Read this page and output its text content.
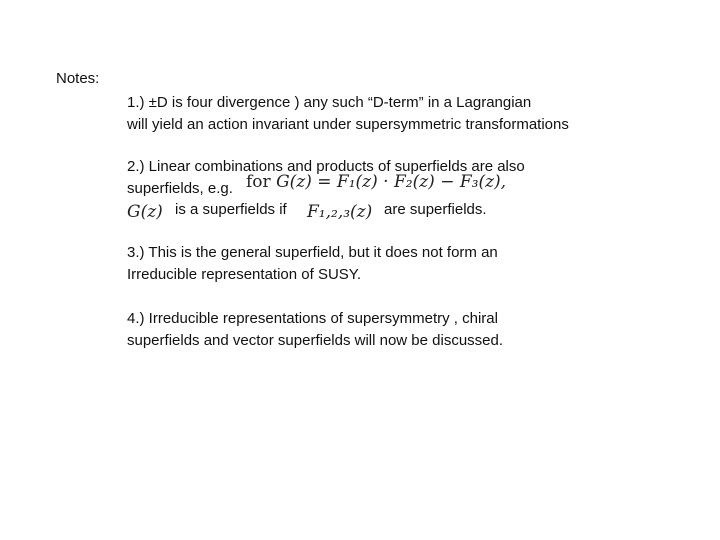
Notes:
1.) ±D is four divergence ) any such “D-term” in a Lagrangian
will yield an action invariant under supersymmetric transformations
2.) Linear combinations and products of superfields are also
superfields, e.g. for G(z) = F₁(z) · F₂(z) − F₃(z),
G(z) is a superfields if F₁,₂,₃(z) are superfields.
3.) This is the general superfield, but it does not form an
Irreducible representation of SUSY.
4.) Irreducible representations of supersymmetry , chiral
superfields and vector superfields will now be discussed.
